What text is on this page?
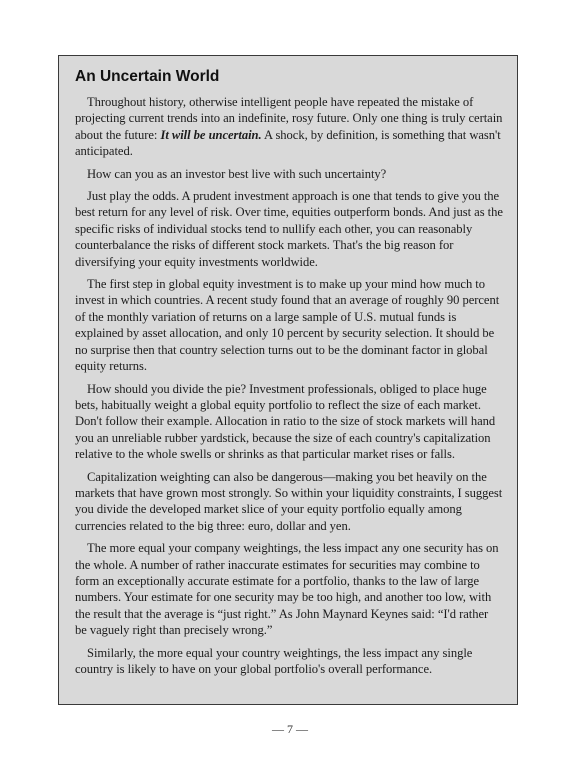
An Uncertain World

Throughout history, otherwise intelligent people have repeated the mistake of projecting current trends into an indefinite, rosy future. Only one thing is truly certain about the future: It will be uncertain. A shock, by definition, is something that wasn't anticipated.

How can you as an investor best live with such uncertainty?

Just play the odds. A prudent investment approach is one that tends to give you the best return for any level of risk. Over time, equities outperform bonds. And just as the specific risks of individual stocks tend to nullify each other, you can reasonably counterbalance the risks of different stock markets. That's the big reason for diversifying your equity investments worldwide.

The first step in global equity investment is to make up your mind how much to invest in which countries. A recent study found that an average of roughly 90 percent of the monthly variation of returns on a large sample of U.S. mutual funds is explained by asset allocation, and only 10 percent by security selection. It should be no surprise then that country selection turns out to be the dominant factor in global equity returns.

How should you divide the pie? Investment professionals, obliged to place huge bets, habitually weight a global equity portfolio to reflect the size of each market. Don't follow their example. Allocation in ratio to the size of stock markets will hand you an unreliable rubber yardstick, because the size of each country's capitalization relative to the whole swells or shrinks as that particular market rises or falls.

Capitalization weighting can also be dangerous—making you bet heavily on the markets that have grown most strongly. So within your liquidity constraints, I suggest you divide the developed market slice of your equity portfolio equally among currencies related to the big three: euro, dollar and yen.

The more equal your company weightings, the less impact any one security has on the whole. A number of rather inaccurate estimates for securities may combine to form an exceptionally accurate estimate for a portfolio, thanks to the law of large numbers. Your estimate for one security may be too high, and another too low, with the result that the average is “just right.” As John Maynard Keynes said: “I'd rather be vaguely right than precisely wrong.”

Similarly, the more equal your country weightings, the less impact any single country is likely to have on your global portfolio's overall performance.

— 7 —
